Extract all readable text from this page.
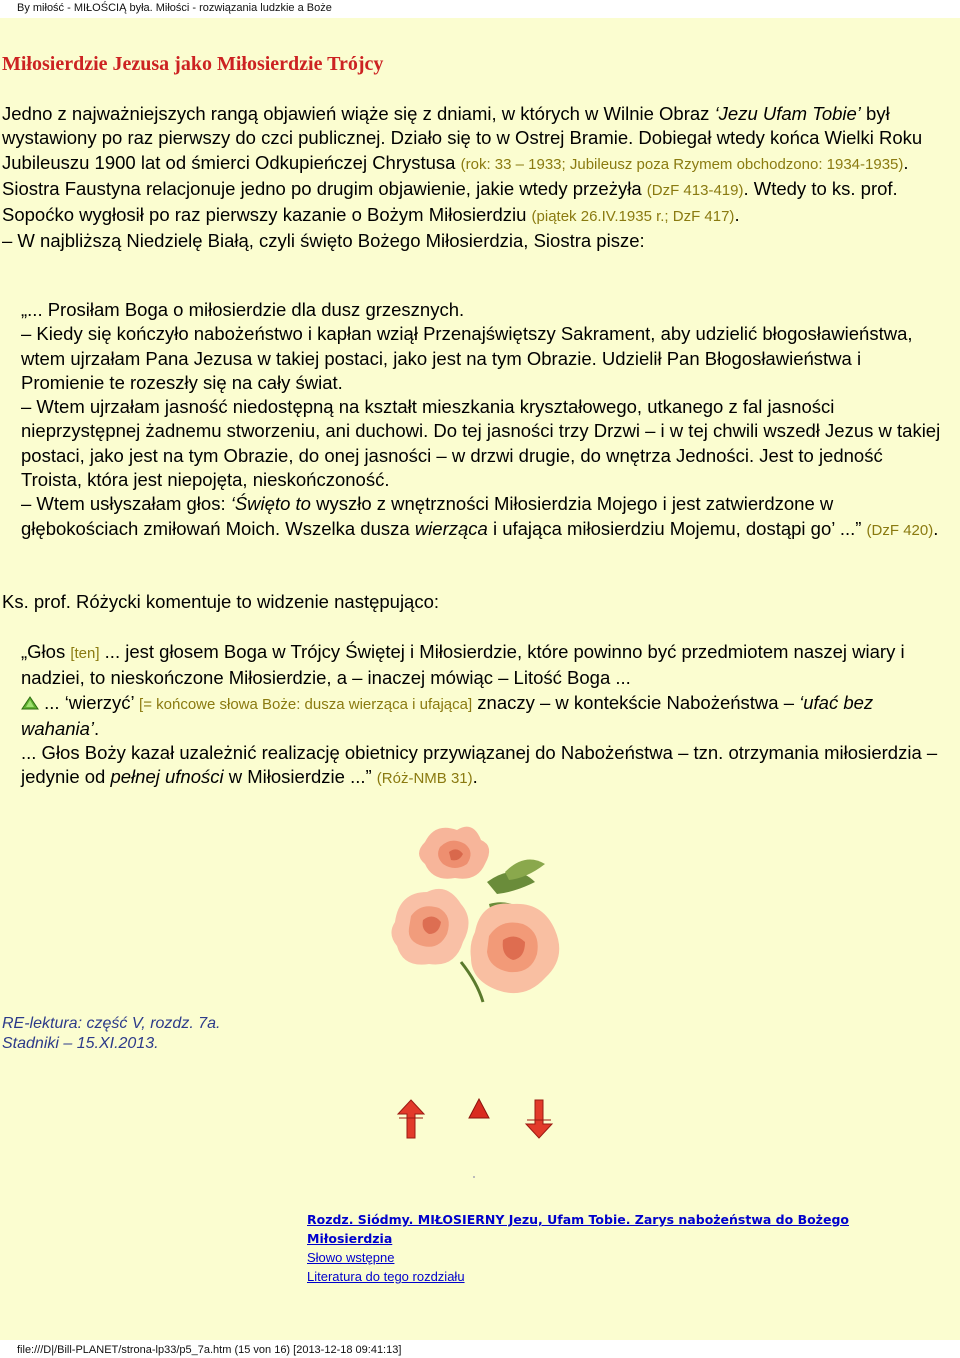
By miłość - MIŁOŚCIĄ była. Miłości - rozwiązania ludzkie a Boże
Miłosierdzie Jezusa jako Miłosierdzie Trójcy
Jedno z najważniejszych rangą objawień wiąże się z dniami, w których w Wilnie Obraz ‘Jezu Ufam Tobie’ był wystawiony po raz pierwszy do czci publicznej. Działo się to w Ostrej Bramie. Dobiegał wtedy końca Wielki Roku Jubileuszu 1900 lat od śmierci Odkupieńczej Chrystusa (rok: 33 – 1933; Jubileusz poza Rzymem obchodzono: 1934-1935). Siostra Faustyna relacjonuje jedno po drugim objawienie, jakie wtedy przeżyła (DzF 413-419). Wtedy to ks. prof. Sopoćko wygłosił po raz pierwszy kazanie o Bożym Miłosierdziu (piątek 26.IV.1935 r.; DzF 417).
– W najbliższą Niedzielę Białą, czyli święto Bożego Miłosierdzia, Siostra pisze:
„... Prosiłam Boga o miłosierdzie dla dusz grzesznych.
– Kiedy się kończyło nabożeństwo i kapłan wziął Przenajświętszy Sakrament, aby udzielić błogosławieństwa, wtem ujrzałam Pana Jezusa w takiej postaci, jako jest na tym Obrazie. Udzielił Pan Błogosławieństwa i Promienie te rozeszły się na cały świat.
– Wtem ujrzałam jasność niedostępną na kształt mieszkania kryształowego, utkanego z fal jasności nieprzystępnej żadnemu stworzeniu, ani duchowi. Do tej jasności trzy Drzwi – i w tej chwili wszedł Jezus w takiej postaci, jako jest na tym Obrazie, do onej jasności – w drzwi drugie, do wnętrza Jedności. Jest to jedność Troista, która jest niepojęta, nieskończoność.
– Wtem usłyszałam głos: ‘Święto to wyszło z wnętrzności Miłosierdzia Mojego i jest zatwierdzone w głębokościach zmiłowań Moich. Wszelka dusza wierząca i ufająca miłosierdziu Mojemu, dostąpi go’ ...” (DzF 420).
Ks. prof. Różycki komentuje to widzenie następująco:
„Głos [ten] ... jest głosem Boga w Trójcy Świętej i Miłosierdzie, które powinno być przedmiotem naszej wiary i nadziei, to nieskończone Miłosierdzie, a – inaczej mówiąc – Litość Boga ...
... ‘wierzyć’ [= końcowe słowa Boże: dusza wierząca i ufająca] znaczy – w kontekście Nabożeństwa – ‘ufać bez wahania’.
... Głos Boży kazał uzależnić realizację obietnicy przywiązanej do Nabożeństwa – tzn. otrzymania miłosierdzia – jedynie od pełnej ufności w Miłosierdzie ...” (Róż-NMB 31).
RE-lektura: część V, rozdz. 7a.
Stadniki – 15.XI.2013.
Rozdz. Siódmy. MIŁOSIERNY Jezu, Ufam Tobie. Zarys nabożeństwa do Bożego Miłosierdzia
Słowo wstępne
Literatura do tego rozdziału
file:///D|/Bill-PLANET/strona-lp33/p5_7a.htm (15 von 16) [2013-12-18 09:41:13]
